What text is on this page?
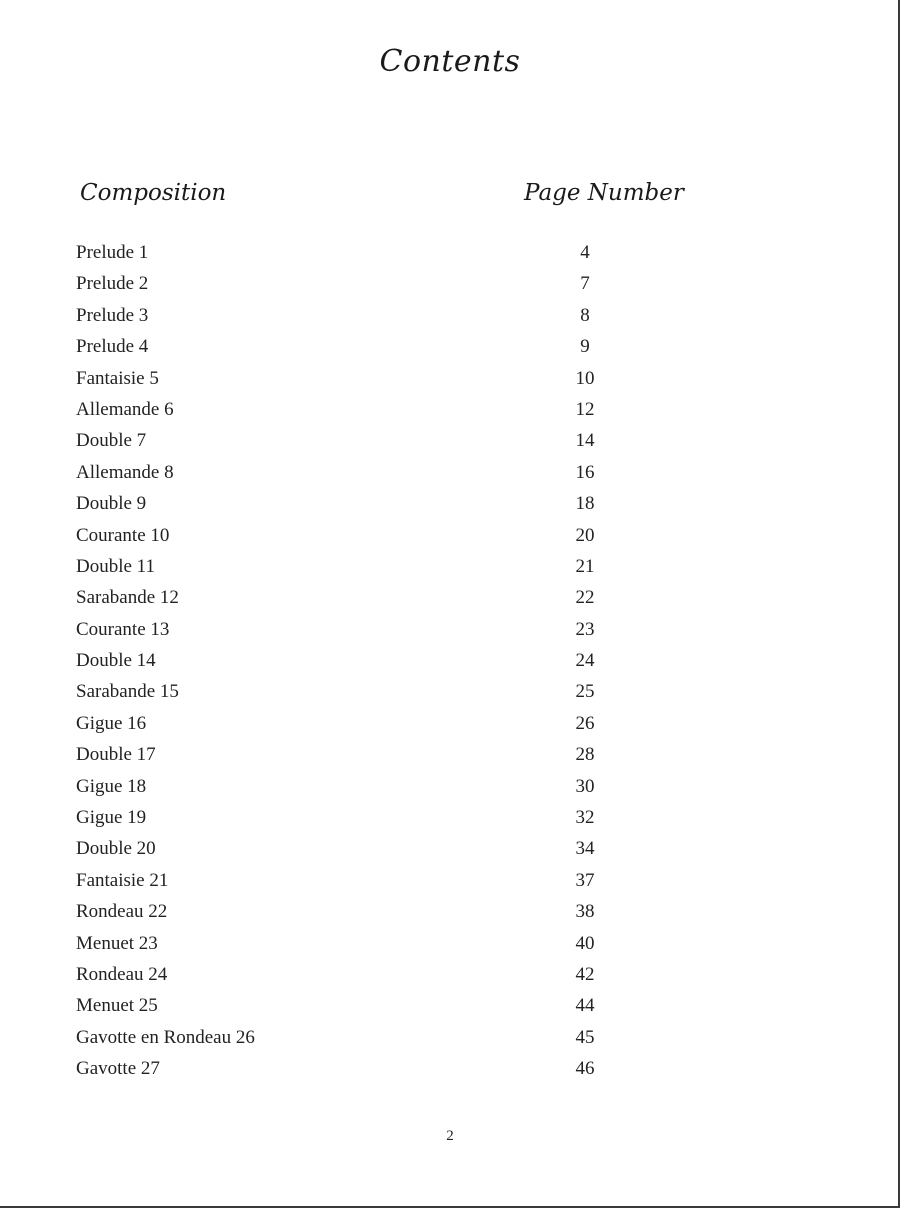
Contents
Composition	Page Number
Prelude 1	4
Prelude 2	7
Prelude 3	8
Prelude 4	9
Fantaisie 5	10
Allemande 6	12
Double 7	14
Allemande 8	16
Double 9	18
Courante 10	20
Double 11	21
Sarabande 12	22
Courante 13	23
Double 14	24
Sarabande 15	25
Gigue 16	26
Double 17	28
Gigue 18	30
Gigue 19	32
Double 20	34
Fantaisie 21	37
Rondeau 22	38
Menuet 23	40
Rondeau 24	42
Menuet 25	44
Gavotte en Rondeau 26	45
Gavotte 27	46
2
